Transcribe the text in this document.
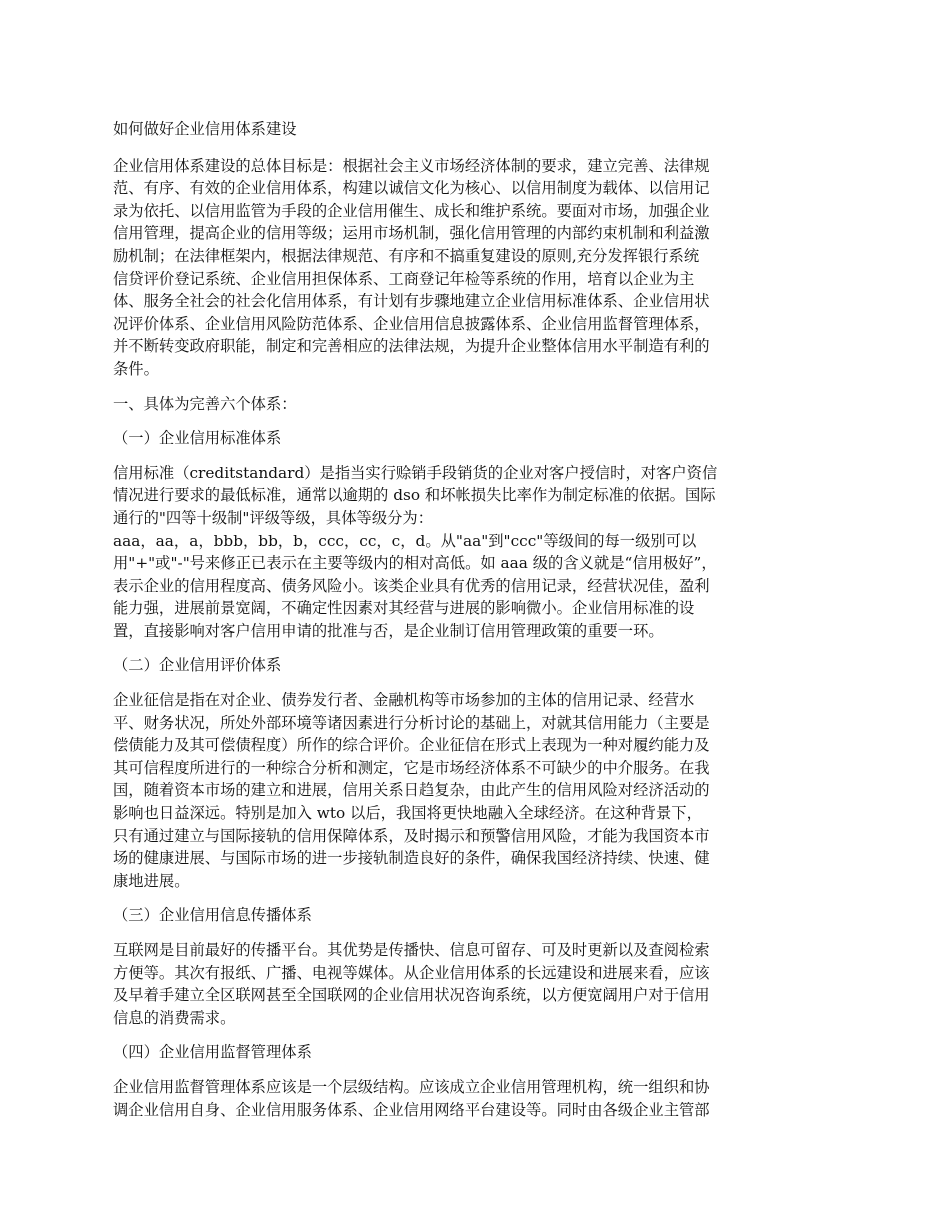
如何做好企业信用体系建设

企业信用体系建设的总体目标是：根据社会主义市场经济体制的要求，建立完善、法律规
范、有序、有效的企业信用体系，构建以诚信文化为核心、以信用制度为载体、以信用记
录为依托、以信用监管为手段的企业信用催生、成长和维护系统。要面对市场，加强企业
信用管理，提高企业的信用等级；运用市场机制，强化信用管理的内部约束机制和利益激
励机制；在法律框架内，根据法律规范、有序和不搞重复建设的原则,充分发挥银行系统
信贷评价登记系统、企业信用担保体系、工商登记年检等系统的作用，培育以企业为主
体、服务全社会的社会化信用体系，有计划有步骤地建立企业信用标准体系、企业信用状
况评价体系、企业信用风险防范体系、企业信用信息披露体系、企业信用监督管理体系，
并不断转变政府职能，制定和完善相应的法律法规，为提升企业整体信用水平制造有利的
条件。

一、具体为完善六个体系：

（一）企业信用标准体系

信用标准（creditstandard）是指当实行赊销手段销货的企业对客户授信时，对客户资信
情况进行要求的最低标准，通常以逾期的 dso 和坏帐损失比率作为制定标准的依据。国际
通行的"四等十级制"评级等级，具体等级分为：
aaa，aa，a，bbb，bb，b，ccc，cc，c，d。从"aa"到"ccc"等级间的每一级别可以
用"+"或"-"号来修正已表示在主要等级内的相对高低。如 aaa 级的含义就是“信用极好”，
表示企业的信用程度高、债务风险小。该类企业具有优秀的信用记录，经营状况佳，盈利
能力强，进展前景宽阔，不确定性因素对其经营与进展的影响微小。企业信用标准的设
置，直接影响对客户信用申请的批准与否，是企业制订信用管理政策的重要一环。

（二）企业信用评价体系

企业征信是指在对企业、债券发行者、金融机构等市场参加的主体的信用记录、经营水
平、财务状况，所处外部环境等诸因素进行分析讨论的基础上，对就其信用能力（主要是
偿债能力及其可偿债程度）所作的综合评价。企业征信在形式上表现为一种对履约能力及
其可信程度所进行的一种综合分析和测定，它是市场经济体系不可缺少的中介服务。在我
国，随着资本市场的建立和进展，信用关系日趋复杂，由此产生的信用风险对经济活动的
影响也日益深远。特别是加入 wto 以后，我国将更快地融入全球经济。在这种背景下，
只有通过建立与国际接轨的信用保障体系，及时揭示和预警信用风险，才能为我国资本市
场的健康进展、与国际市场的进一步接轨制造良好的条件，确保我国经济持续、快速、健
康地进展。

（三）企业信用信息传播体系

互联网是目前最好的传播平台。其优势是传播快、信息可留存、可及时更新以及查阅检索
方便等。其次有报纸、广播、电视等媒体。从企业信用体系的长远建设和进展来看，应该
及早着手建立全区联网甚至全国联网的企业信用状况咨询系统，以方便宽阔用户对于信用
信息的消费需求。

（四）企业信用监督管理体系

企业信用监督管理体系应该是一个层级结构。应该成立企业信用管理机构，统一组织和协
调企业信用自身、企业信用服务体系、企业信用网络平台建设等。同时由各级企业主管部
